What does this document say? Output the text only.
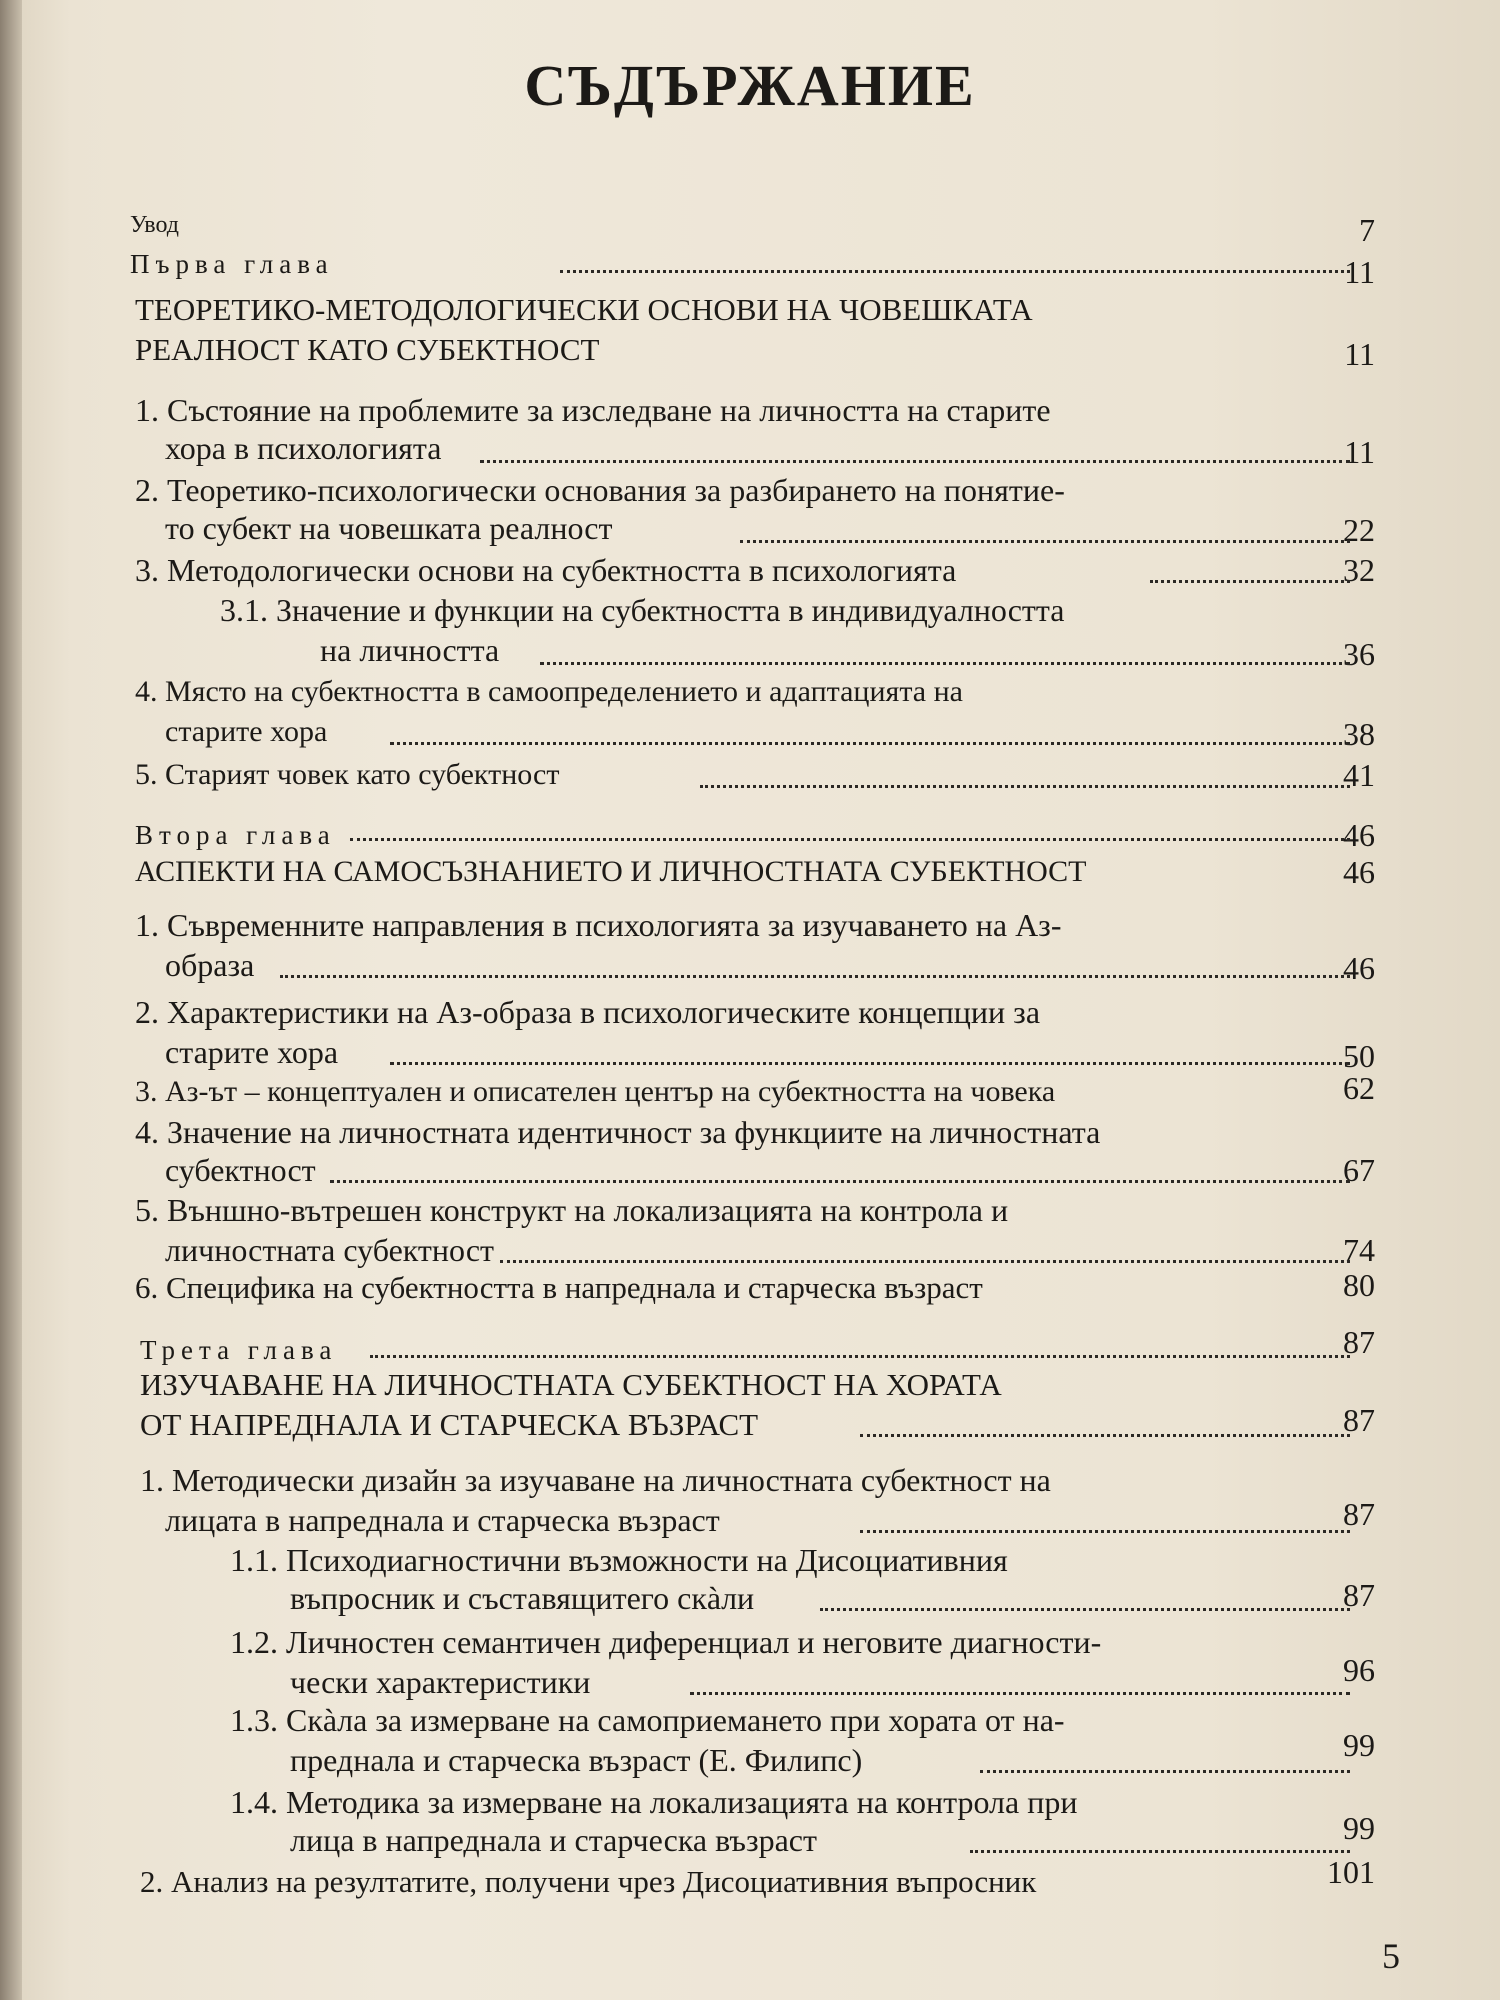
СЪДЪРЖАНИЕ
Увод	7
Първа глава	11
ТЕОРЕТИКО-МЕТОДОЛОГИЧЕСКИ ОСНОВИ НА ЧОВЕШКАТА
РЕАЛНОСТ КАТО СУБЕКТНОСТ	11
1. Състояние на проблемите за изследване на личността на старите
хора в психологията	11
2. Теоретико-психологически основания за разбирането на понятие-
то субект на човешката реалност	22
3. Методологически основи на субектността в психологията	32
3.1. Значение и функции на субектността в индивидуалността
на личността	36
4. Място на субектността в самоопределението и адаптацията на
старите хора	38
5. Старият човек като субектност	41
Втора глава	46
АСПЕКТИ НА САМОСЪЗНАНИЕТО И ЛИЧНОСТНАТА СУБЕКТНОСТ	46
1. Съвременните направления в психологията за изучаването на Аз-
образа	46
2. Характеристики на Аз-образа в психологическите концепции за
старите хора	50
3. Аз-ът – концептуален и описателен център на субектността на човека	62
4. Значение на личностната идентичност за функциите на личностната
субектност	67
5. Външно-вътрешен конструкт на локализацията на контрола и
личностната субектност	74
6. Специфика на субектността в напреднала и старческа възраст	80
Трета глава	87
ИЗУЧАВАНЕ НА ЛИЧНОСТНАТА СУБЕКТНОСТ НА ХОРАТА
ОТ НАПРЕДНАЛА И СТАРЧЕСКА ВЪЗРАСТ	87
1. Методически дизайн за изучаване на личностната субектност на
лицата в напреднала и старческа възраст	87
1.1. Психодиагностични възможности на Дисоциативния
въпросник и съставящитего скàли	87
1.2. Личностен семантичен диференциал и неговите диагности-
чески характеристики	96
1.3. Скàла за измерване на самоприемането при хората от на-
преднала и старческа възраст (Е. Филипс)	99
1.4. Методика за измерване на локализацията на контрола при
лица в напреднала и старческа възраст	99
2. Анализ на резултатите, получени чрез Дисоциативния въпросник	101
5
